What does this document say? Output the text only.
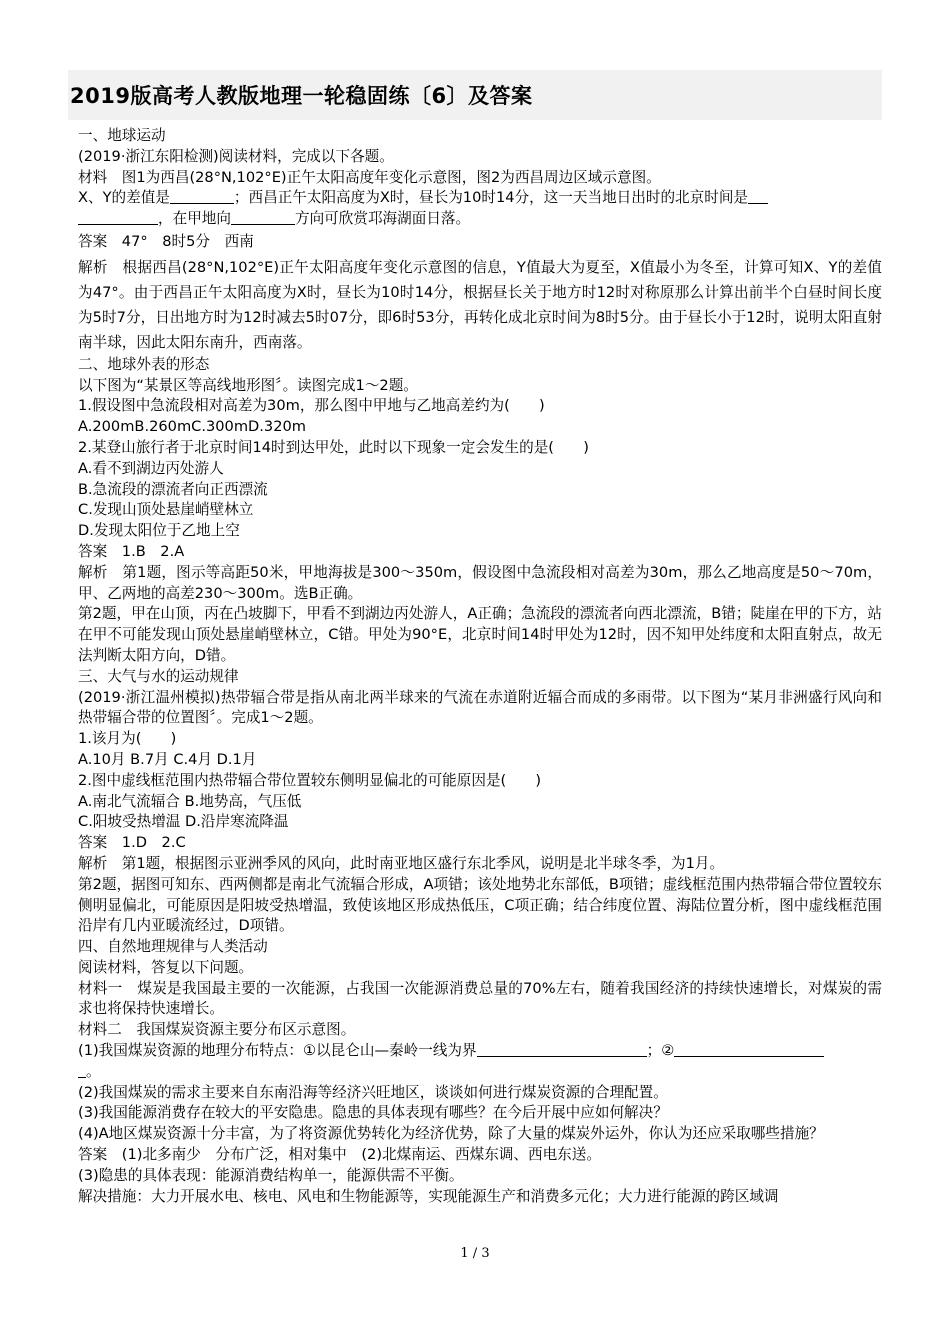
2019版高考人教版地理一轮稳固练〔6〕及答案
一、地球运动
(2019·浙江东阳检测)阅读材料，完成以下各题。
材料　图1为西昌(28°N,102°E)正午太阳高度年变化示意图，图2为西昌周边区域示意图。
X、Y的差值是	；西昌正午太阳高度为X时，昼长为10时14分，这一天当地日出时的北京时间是
，在甲地向	方向可欣赏邛海湖面日落。
答案　47°　8时5分　西南
解析　根据西昌(28°N,102°E)正午太阳高度年变化示意图的信息，Y值最大为夏至，X值最小为冬至，计算可知X、Y的差值为47°。由于西昌正午太阳高度为X时，昼长为10时14分，根据昼长关于地方时12时对称原那么计算出前半个白昼时间长度为5时7分，日出地方时为12时减去5时07分，即6时53分，再转化成北京时间为8时5分。由于昼长小于12时，说明太阳直射南半球，因此太阳东南升，西南落。
二、地球外表的形态
以下图为“某景区等高线地形图〞。读图完成1～2题。
1.假设图中急流段相对高差为30m，那么图中甲地与乙地高差约为(　　)
A.200mB.260mC.300mD.320m
2.某登山旅行者于北京时间14时到达甲处，此时以下现象一定会发生的是(　　)
A.看不到湖边丙处游人
B.急流段的漂流者向正西漂流
C.发现山顶处悬崖峭壁林立
D.发现太阳位于乙地上空
答案　1.B　2.A
解析　第1题，图示等高距50米，甲地海拔是300～350m，假设图中急流段相对高差为30m，那么乙地高度是50～70m，甲、乙两地的高差230～300m。选B正确。
第2题，甲在山顶，丙在凸坡脚下，甲看不到湖边丙处游人，A正确；急流段的漂流者向西北漂流，B错；陡崖在甲的下方，站在甲不可能发现山顶处悬崖峭壁林立，C错。甲处为90°E，北京时间14时甲处为12时，因不知甲处纬度和太阳直射点，故无法判断太阳方向，D错。
三、大气与水的运动规律
(2019·浙江温州模拟)热带辐合带是指从南北两半球来的气流在赤道附近辐合而成的多雨带。以下图为“某月非洲盛行风向和热带辐合带的位置图〞。完成1～2题。
1.该月为(　　)
A.10月 B.7月 C.4月 D.1月
2.图中虚线框范围内热带辐合带位置较东侧明显偏北的可能原因是(　　)
A.南北气流辐合 B.地势高，气压低
C.阳坡受热增温 D.沿岸寒流降温
答案　1.D　2.C
解析　第1题，根据图示亚洲季风的风向，此时南亚地区盛行东北季风，说明是北半球冬季，为1月。
第2题，据图可知东、西两侧都是南北气流辐合形成，A项错；该处地势北东部低，B项错；虚线框范围内热带辐合带位置较东侧明显偏北，可能原因是阳坡受热增温，致使该地区形成热低压，C项正确；结合纬度位置、海陆位置分析，图中虚线框范围沿岸有几内亚暖流经过，D项错。
四、自然地理规律与人类活动
阅读材料，答复以下问题。
材料一　煤炭是我国最主要的一次能源，占我国一次能源消费总量的70%左右，随着我国经济的持续快速增长，对煤炭的需求也将保持快速增长。
材料二　我国煤炭资源主要分布区示意图。
(1)我国煤炭资源的地理分布特点：①以昆仑山—秦岭一线为界	；②
。
(2)我国煤炭的需求主要来自东南沿海等经济兴旺地区，谈谈如何进行煤炭资源的合理配置。
(3)我国能源消费存在较大的平安隐患。隐患的具体表现有哪些？在今后开展中应如何解决？
(4)A地区煤炭资源十分丰富，为了将资源优势转化为经济优势，除了大量的煤炭外运外，你认为还应采取哪些措施？
答案　(1)北多南少　分布广泛，相对集中　(2)北煤南运、西煤东调、西电东送。
(3)隐患的具体表现：能源消费结构单一，能源供需不平衡。
解决措施：大力开展水电、核电、风电和生物能源等，实现能源生产和消费多元化；大力进行能源的跨区域调
1 / 3
